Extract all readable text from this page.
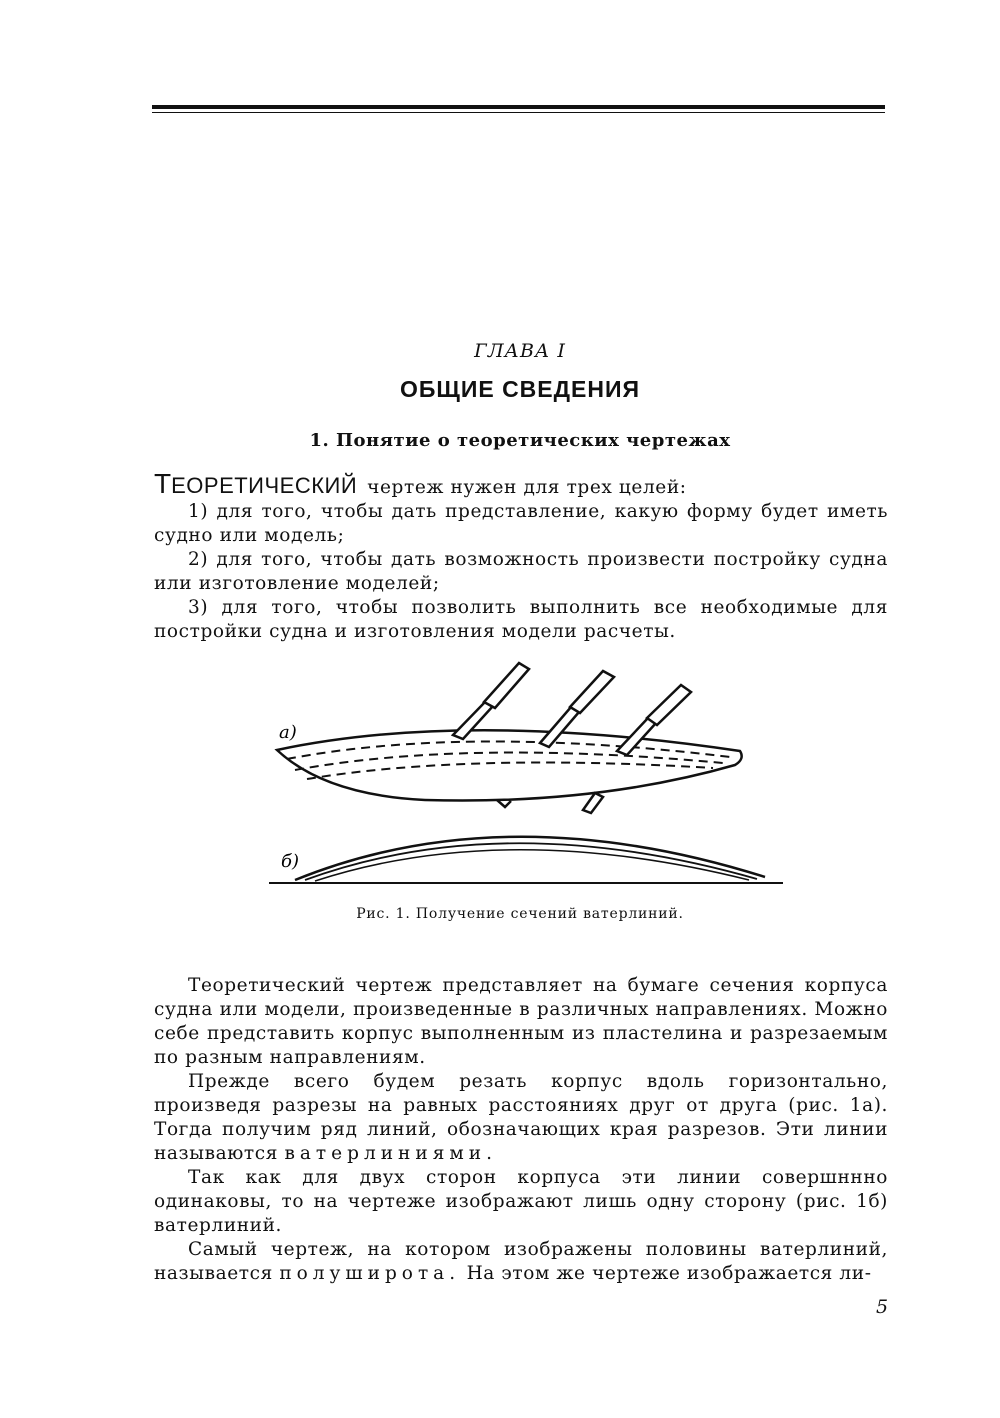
ГЛАВА I
ОБЩИЕ СВЕДЕНИЯ
1. Понятие о теоретических чертежах
Т ЕОРЕТИЧЕСКИЙ чертеж нужен для трех целей:

1) для того, чтобы дать представление, какую форму будет иметь судно или модель;

2) для того, чтобы дать возможность произвести постройку судна или изготовление моделей;

3) для того, чтобы позволить выполнить все необходимые для постройки судна и изготовления модели расчеты.

а)
б)
Рис. 1. Получение сечений ватерлиний.

Теоретический чертеж представляет на бумаге сечения корпуса судна или модели, произведенные в различных направлениях. Можно себе представить корпус выполненным из пластелина и разрезаемым по разным направлениям.

Прежде всего будем резать корпус вдоль горизонтально, произведя разрезы на равных расстояниях друг от друга (рис. 1а). Тогда получим ряд линий, обозначающих края разрезов. Эти линии называются ватерлиниями.

Так как для двух сторон корпуса эти линии совершннно одинаковы, то на чертеже изображают лишь одну сторону (рис. 1б) ватерлиний.

Самый чертеж, на котором изображены половины ватерлиний, называется полуширота. На этом же чертеже изображается ли-

5
